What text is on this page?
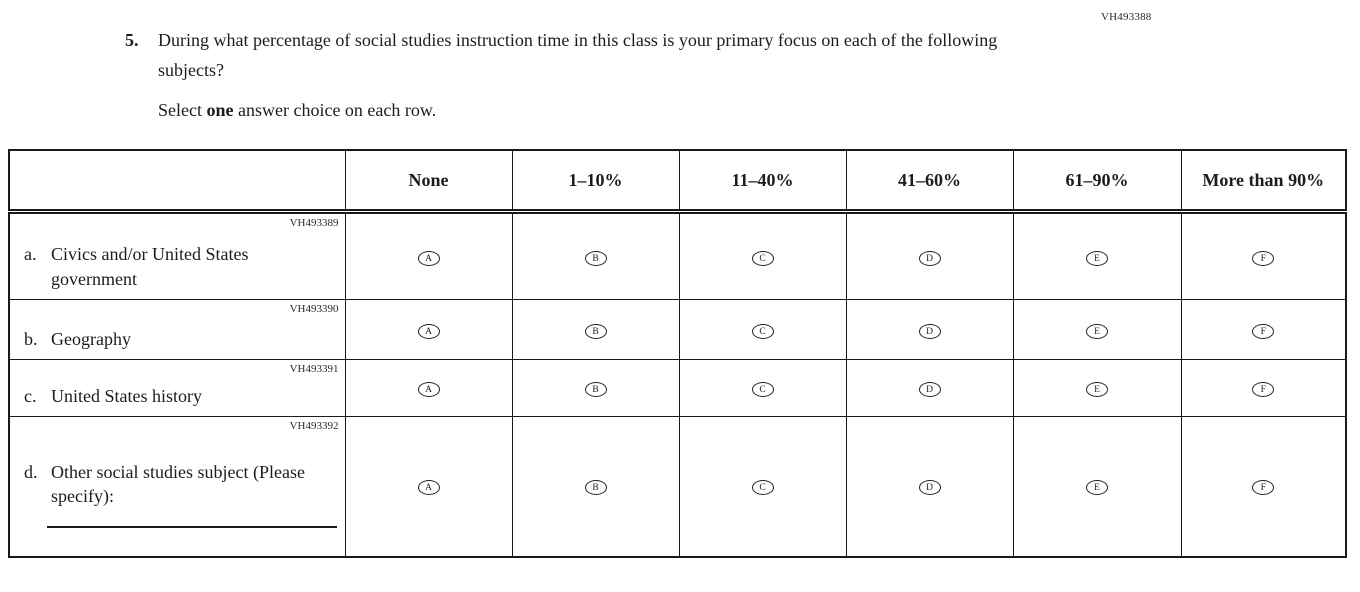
VH493388
5.	During what percentage of social studies instruction time in this class is your primary focus on each of the following subjects?
Select one answer choice on each row.
	None	1–10%	11–40%	41–60%	61–90%	More than 90%

VH493389
a. Civics and/or United States government	A	B	C	D	E	F

VH493390
b. Geography	A	B	C	D	E	F

VH493391
c. United States history	A	B	C	D	E	F

VH493392
d. Other social studies subject (Please specify):	A	B	C	D	E	F
